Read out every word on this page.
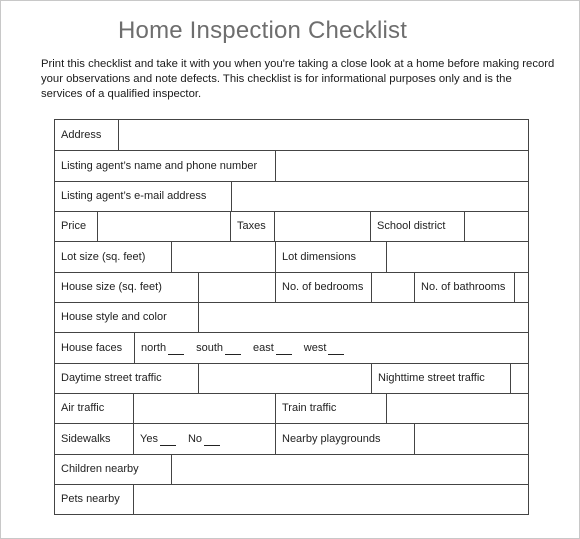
Home Inspection Checklist
Print this checklist and take it with you when you're taking a close look at a home before making record your observations and note defects. This checklist is for informational purposes only and is the services of a qualified inspector.
Address
Listing agent’s name and phone number
Listing agent’s e-mail address
Price	Taxes	School district
Lot size (sq. feet)	Lot dimensions
House size (sq. feet)	No. of bedrooms	No. of bathrooms
House style and color
House faces	north	south	east	west
Daytime street traffic	Nighttime street traffic
Air traffic	Train traffic
Sidewalks	Yes	No	Nearby playgrounds
Children nearby
Pets nearby
